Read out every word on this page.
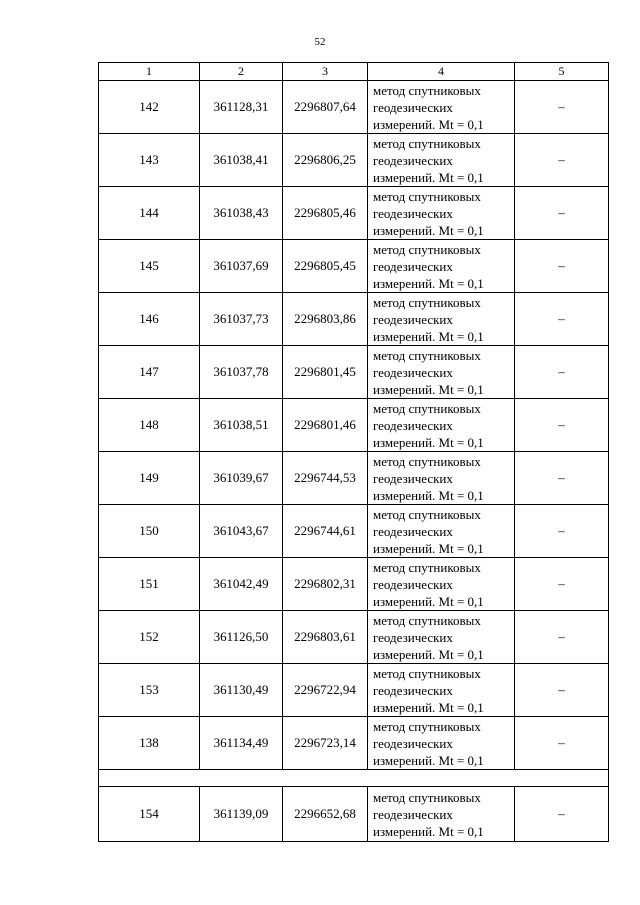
52
1	2	3	4	5
142	361128,31	2296807,64	метод спутниковых
геодезических
измерений. Mt = 0,1	–
143	361038,41	2296806,25	метод спутниковых
геодезических
измерений. Mt = 0,1	–
144	361038,43	2296805,46	метод спутниковых
геодезических
измерений. Mt = 0,1	–
145	361037,69	2296805,45	метод спутниковых
геодезических
измерений. Mt = 0,1	–
146	361037,73	2296803,86	метод спутниковых
геодезических
измерений. Mt = 0,1	–
147	361037,78	2296801,45	метод спутниковых
геодезических
измерений. Mt = 0,1	–
148	361038,51	2296801,46	метод спутниковых
геодезических
измерений. Mt = 0,1	–
149	361039,67	2296744,53	метод спутниковых
геодезических
измерений. Mt = 0,1	–
150	361043,67	2296744,61	метод спутниковых
геодезических
измерений. Mt = 0,1	–
151	361042,49	2296802,31	метод спутниковых
геодезических
измерений. Mt = 0,1	–
152	361126,50	2296803,61	метод спутниковых
геодезических
измерений. Mt = 0,1	–
153	361130,49	2296722,94	метод спутниковых
геодезических
измерений. Mt = 0,1	–
138	361134,49	2296723,14	метод спутниковых
геодезических
измерений. Mt = 0,1	–

154	361139,09	2296652,68	метод спутниковых
геодезических
измерений. Mt = 0,1	–
